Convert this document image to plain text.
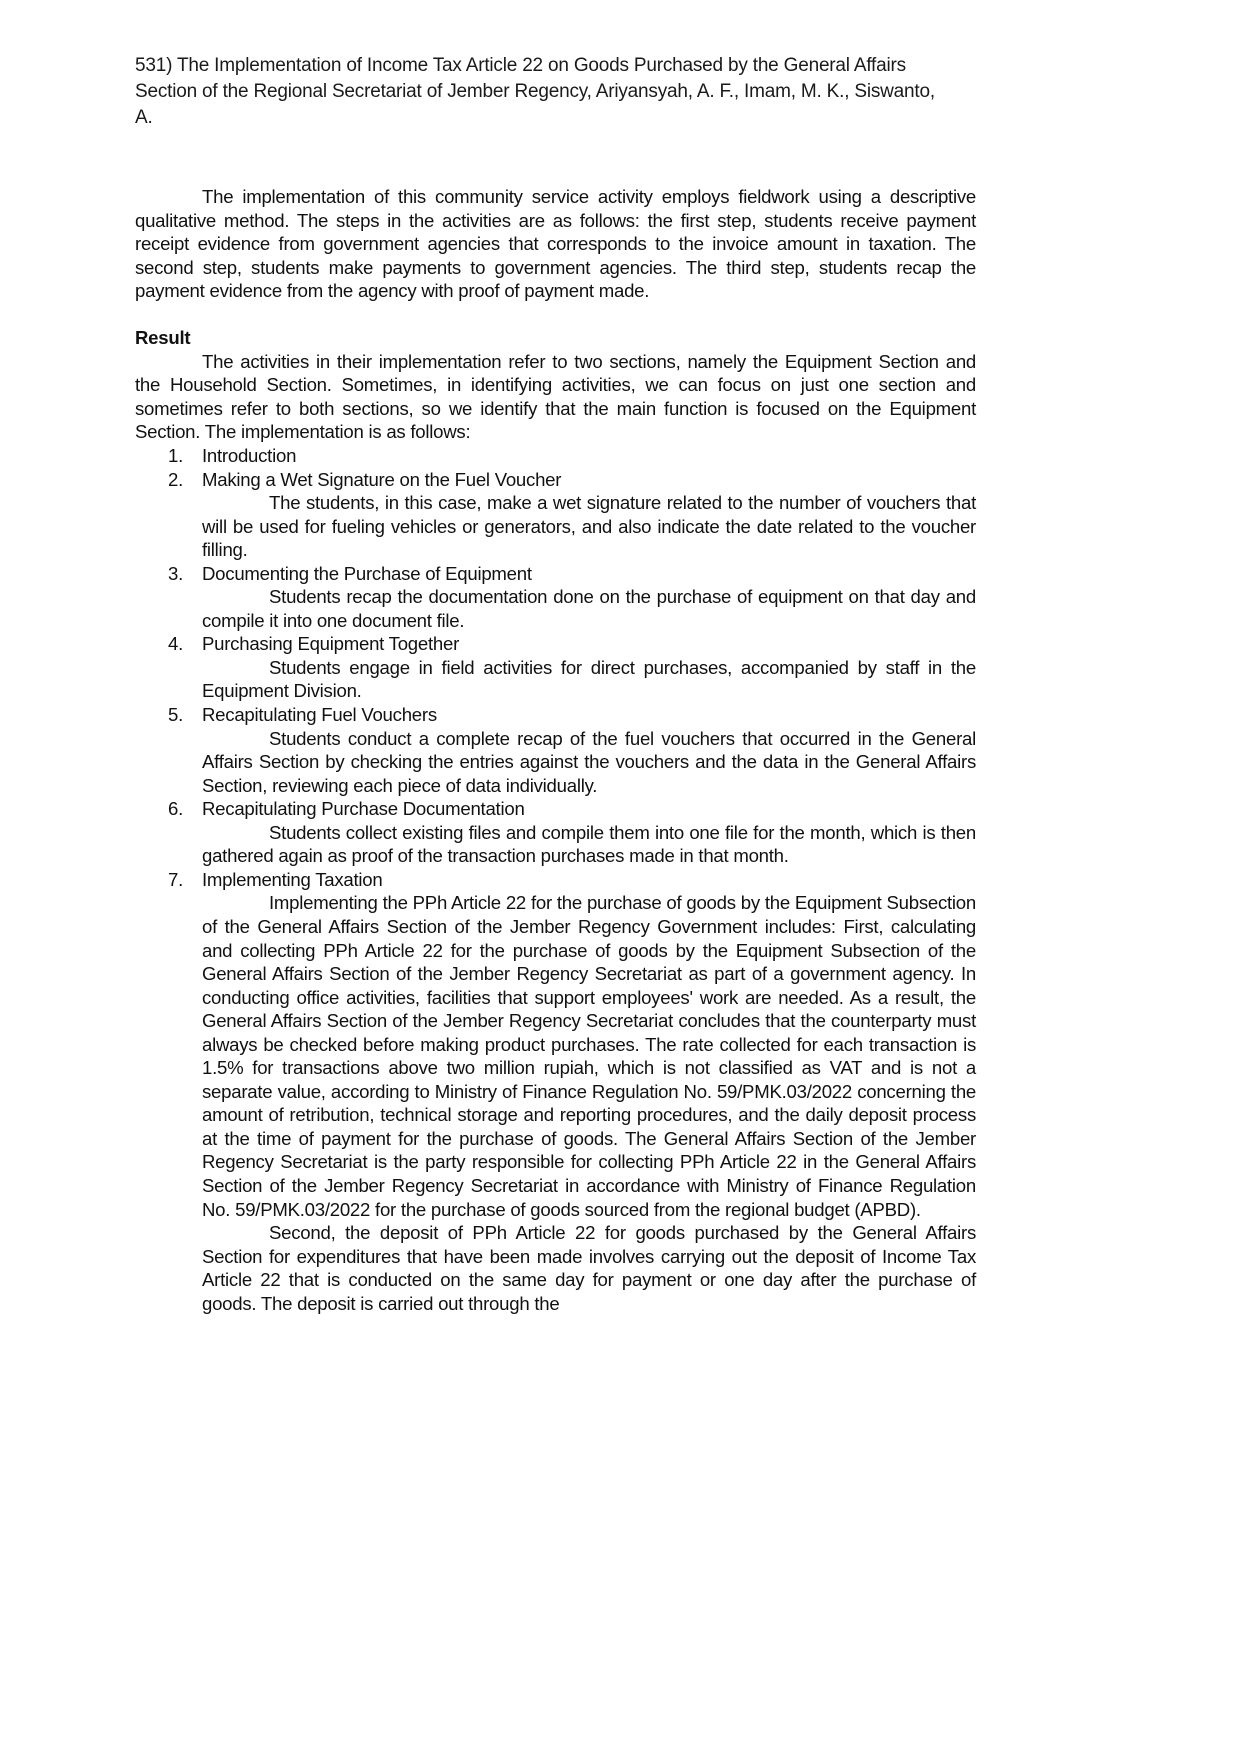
531) The Implementation of Income Tax Article 22 on Goods Purchased by the General Affairs Section of the Regional Secretariat of Jember Regency, Ariyansyah, A. F., Imam, M. K., Siswanto, A.

The implementation of this community service activity employs fieldwork using a descriptive qualitative method. The steps in the activities are as follows: the first step, students receive payment receipt evidence from government agencies that corresponds to the invoice amount in taxation. The second step, students make payments to government agencies. The third step, students recap the payment evidence from the agency with proof of payment made.

Result

The activities in their implementation refer to two sections, namely the Equipment Section and the Household Section. Sometimes, in identifying activities, we can focus on just one section and sometimes refer to both sections, so we identify that the main function is focused on the Equipment Section. The implementation is as follows:

1. Introduction
2. Making a Wet Signature on the Fuel Voucher

The students, in this case, make a wet signature related to the number of vouchers that will be used for fueling vehicles or generators, and also indicate the date related to the voucher filling.

3. Documenting the Purchase of Equipment

Students recap the documentation done on the purchase of equipment on that day and compile it into one document file.

4. Purchasing Equipment Together

Students engage in field activities for direct purchases, accompanied by staff in the Equipment Division.

5. Recapitulating Fuel Vouchers

Students conduct a complete recap of the fuel vouchers that occurred in the General Affairs Section by checking the entries against the vouchers and the data in the General Affairs Section, reviewing each piece of data individually.

6. Recapitulating Purchase Documentation

Students collect existing files and compile them into one file for the month, which is then gathered again as proof of the transaction purchases made in that month.

7. Implementing Taxation

Implementing the PPh Article 22 for the purchase of goods by the Equipment Subsection of the General Affairs Section of the Jember Regency Government includes: First, calculating and collecting PPh Article 22 for the purchase of goods by the Equipment Subsection of the General Affairs Section of the Jember Regency Secretariat as part of a government agency. In conducting office activities, facilities that support employees' work are needed. As a result, the General Affairs Section of the Jember Regency Secretariat concludes that the counterparty must always be checked before making product purchases. The rate collected for each transaction is 1.5% for transactions above two million rupiah, which is not classified as VAT and is not a separate value, according to Ministry of Finance Regulation No. 59/PMK.03/2022 concerning the amount of retribution, technical storage and reporting procedures, and the daily deposit process at the time of payment for the purchase of goods. The General Affairs Section of the Jember Regency Secretariat is the party responsible for collecting PPh Article 22 in the General Affairs Section of the Jember Regency Secretariat in accordance with Ministry of Finance Regulation No. 59/PMK.03/2022 for the purchase of goods sourced from the regional budget (APBD).

Second, the deposit of PPh Article 22 for goods purchased by the General Affairs Section for expenditures that have been made involves carrying out the deposit of Income Tax Article 22 that is conducted on the same day for payment or one day after the purchase of goods. The deposit is carried out through the
